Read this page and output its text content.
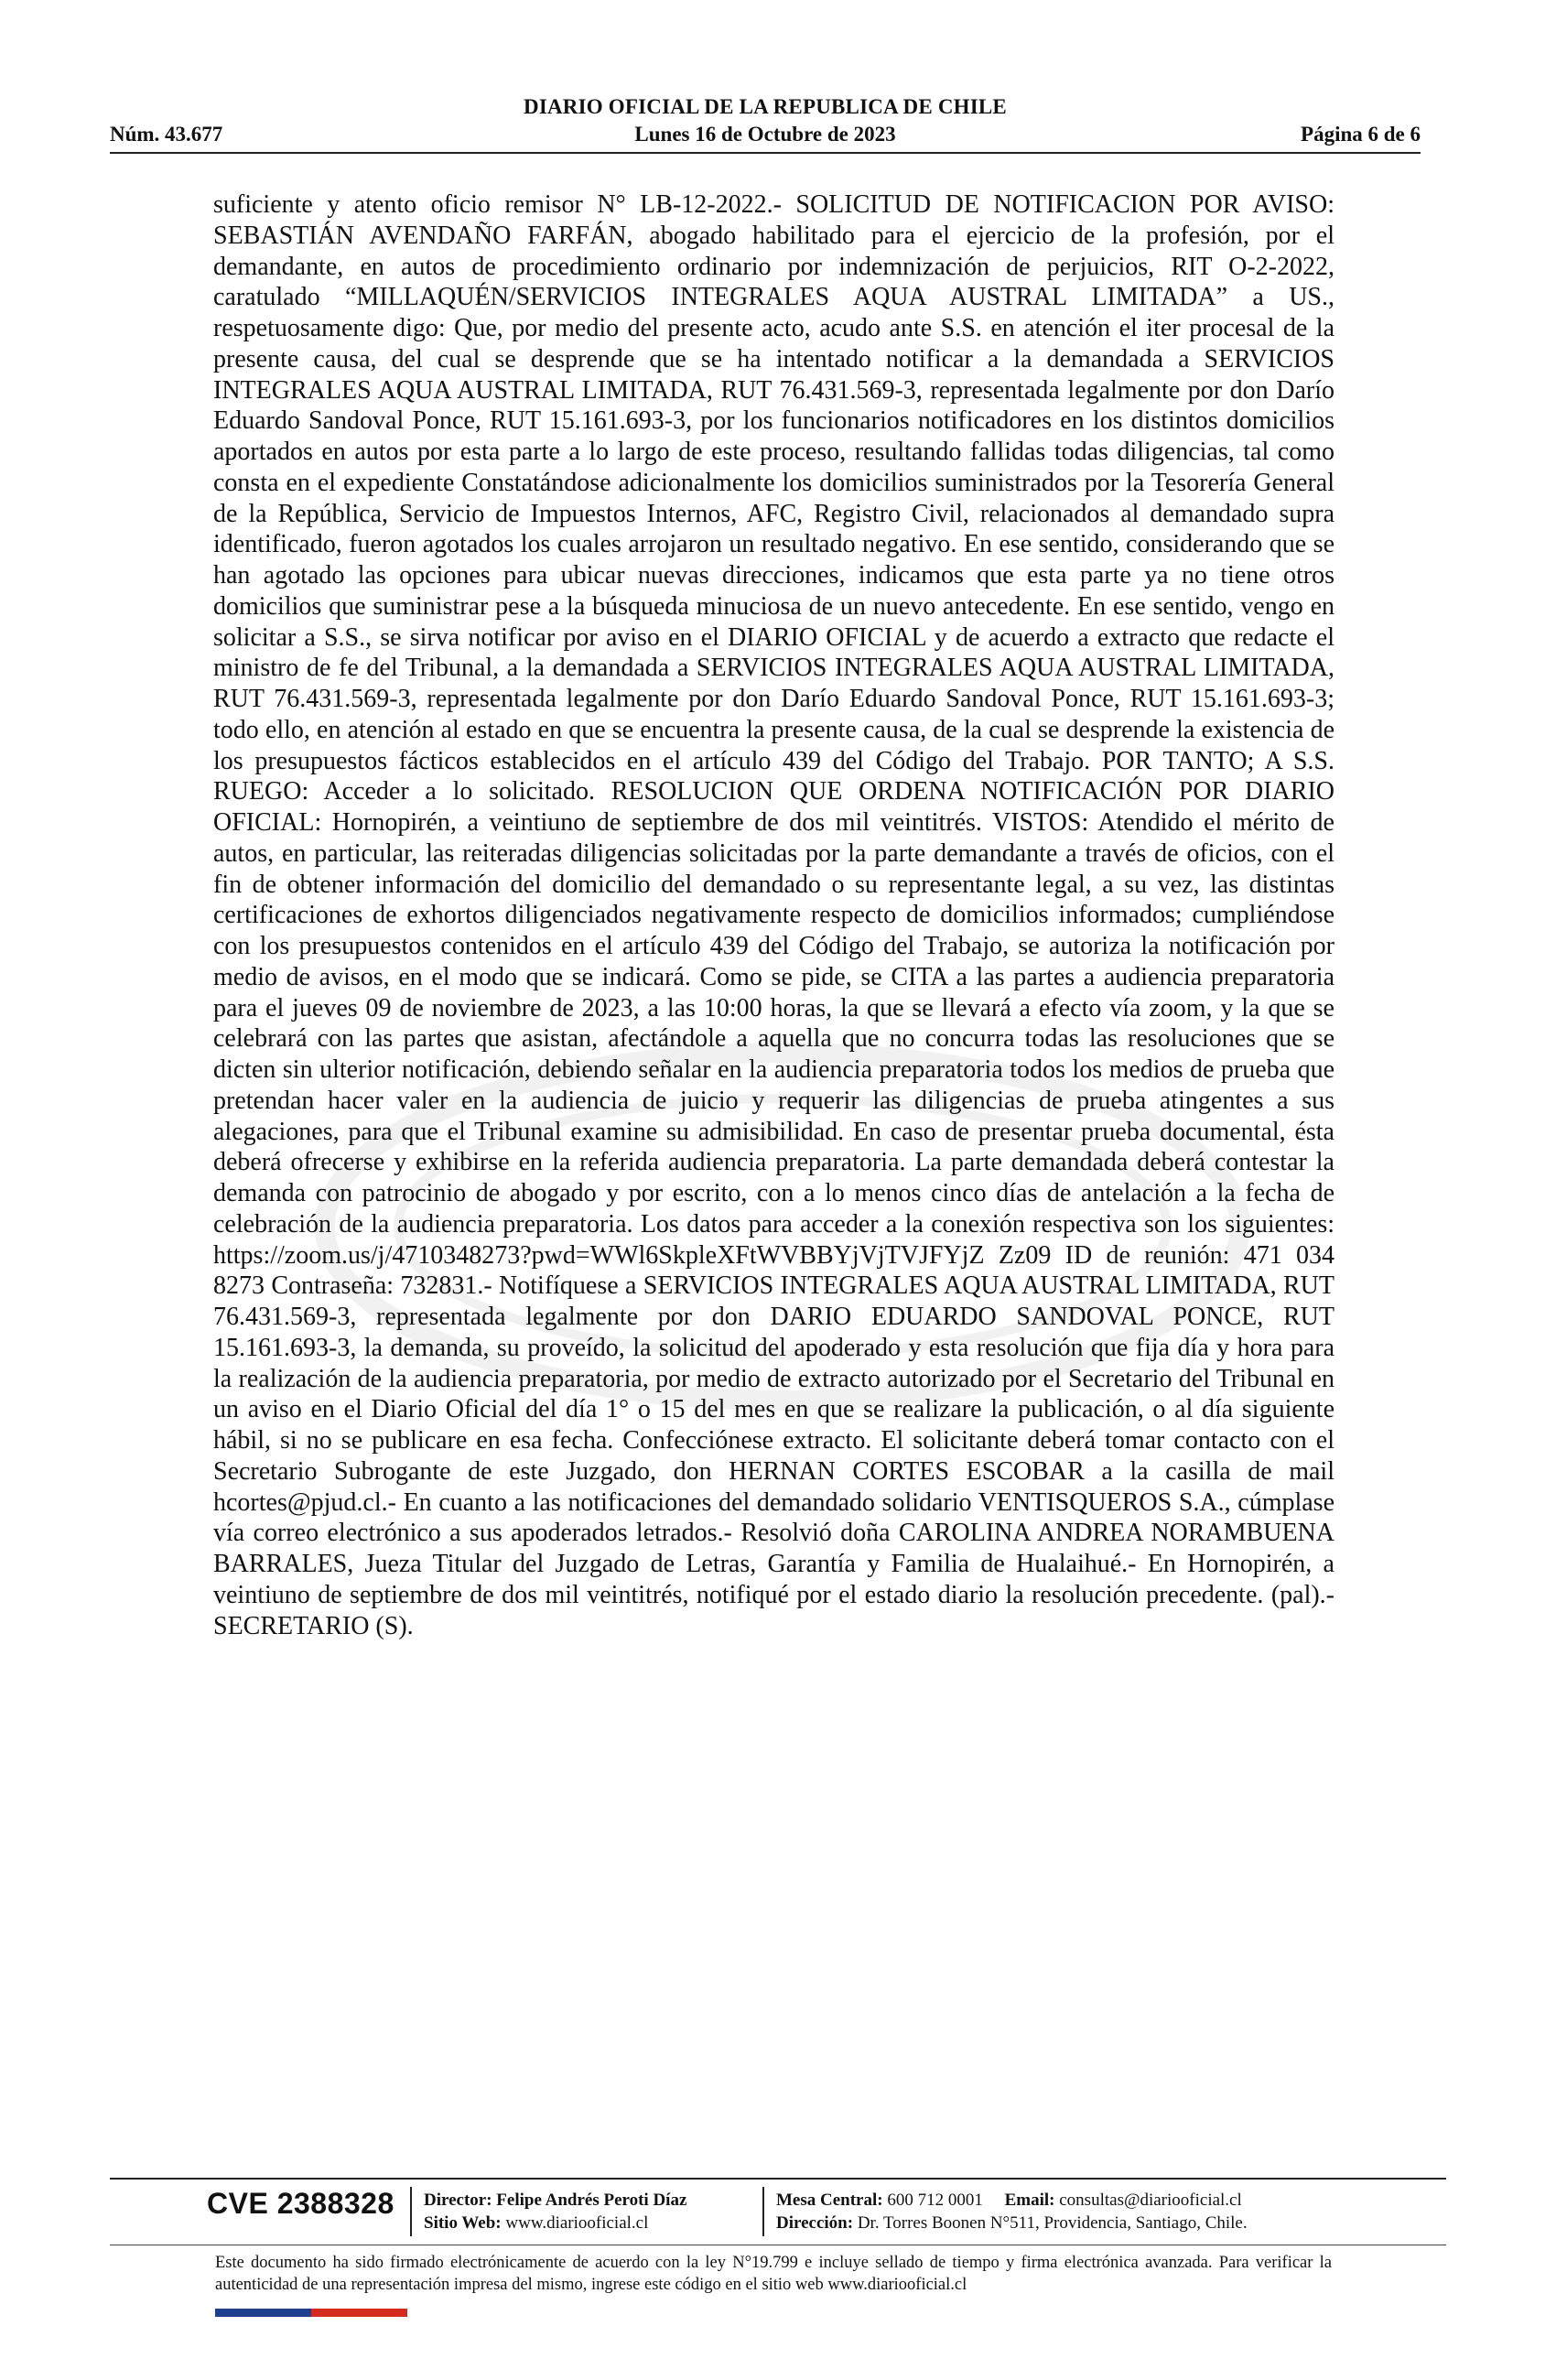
DIARIO OFICIAL DE LA REPUBLICA DE CHILE
Núm. 43.677	Lunes 16 de Octubre de 2023	Página 6 de 6
suficiente y atento oficio remisor N° LB-12-2022.- SOLICITUD DE NOTIFICACION POR AVISO: SEBASTIÁN AVENDAÑO FARFÁN, abogado habilitado para el ejercicio de la profesión, por el demandante, en autos de procedimiento ordinario por indemnización de perjuicios, RIT O-2-2022, caratulado “MILLAQUÉN/SERVICIOS INTEGRALES AQUA AUSTRAL LIMITADA” a US., respetuosamente digo: Que, por medio del presente acto, acudo ante S.S. en atención el iter procesal de la presente causa, del cual se desprende que se ha intentado notificar a la demandada a SERVICIOS INTEGRALES AQUA AUSTRAL LIMITADA, RUT 76.431.569-3, representada legalmente por don Darío Eduardo Sandoval Ponce, RUT 15.161.693-3, por los funcionarios notificadores en los distintos domicilios aportados en autos por esta parte a lo largo de este proceso, resultando fallidas todas diligencias, tal como consta en el expediente Constatándose adicionalmente los domicilios suministrados por la Tesorería General de la República, Servicio de Impuestos Internos, AFC, Registro Civil, relacionados al demandado supra identificado, fueron agotados los cuales arrojaron un resultado negativo. En ese sentido, considerando que se han agotado las opciones para ubicar nuevas direcciones, indicamos que esta parte ya no tiene otros domicilios que suministrar pese a la búsqueda minuciosa de un nuevo antecedente. En ese sentido, vengo en solicitar a S.S., se sirva notificar por aviso en el DIARIO OFICIAL y de acuerdo a extracto que redacte el ministro de fe del Tribunal, a la demandada a SERVICIOS INTEGRALES AQUA AUSTRAL LIMITADA, RUT 76.431.569-3, representada legalmente por don Darío Eduardo Sandoval Ponce, RUT 15.161.693-3; todo ello, en atención al estado en que se encuentra la presente causa, de la cual se desprende la existencia de los presupuestos fácticos establecidos en el artículo 439 del Código del Trabajo. POR TANTO; A S.S. RUEGO: Acceder a lo solicitado. RESOLUCION QUE ORDENA NOTIFICACIÓN POR DIARIO OFICIAL: Hornopirén, a veintiuno de septiembre de dos mil veintitrés. VISTOS: Atendido el mérito de autos, en particular, las reiteradas diligencias solicitadas por la parte demandante a través de oficios, con el fin de obtener información del domicilio del demandado o su representante legal, a su vez, las distintas certificaciones de exhortos diligenciados negativamente respecto de domicilios informados; cumpliéndose con los presupuestos contenidos en el artículo 439 del Código del Trabajo, se autoriza la notificación por medio de avisos, en el modo que se indicará. Como se pide, se CITA a las partes a audiencia preparatoria para el jueves 09 de noviembre de 2023, a las 10:00 horas, la que se llevará a efecto vía zoom, y la que se celebrará con las partes que asistan, afectándole a aquella que no concurra todas las resoluciones que se dicten sin ulterior notificación, debiendo señalar en la audiencia preparatoria todos los medios de prueba que pretendan hacer valer en la audiencia de juicio y requerir las diligencias de prueba atingentes a sus alegaciones, para que el Tribunal examine su admisibilidad. En caso de presentar prueba documental, ésta deberá ofrecerse y exhibirse en la referida audiencia preparatoria. La parte demandada deberá contestar la demanda con patrocinio de abogado y por escrito, con a lo menos cinco días de antelación a la fecha de celebración de la audiencia preparatoria. Los datos para acceder a la conexión respectiva son los siguientes: https://zoom.us/j/4710348273?pwd=WWl6SkpleXFtWVBBYjVjTVJFYjZ Zz09 ID de reunión: 471 034 8273 Contraseña: 732831.- Notifíquese a SERVICIOS INTEGRALES AQUA AUSTRAL LIMITADA, RUT 76.431.569-3, representada legalmente por don DARIO EDUARDO SANDOVAL PONCE, RUT 15.161.693-3, la demanda, su proveído, la solicitud del apoderado y esta resolución que fija día y hora para la realización de la audiencia preparatoria, por medio de extracto autorizado por el Secretario del Tribunal en un aviso en el Diario Oficial del día 1° o 15 del mes en que se realizare la publicación, o al día siguiente hábil, si no se publicare en esa fecha. Confecciónese extracto. El solicitante deberá tomar contacto con el Secretario Subrogante de este Juzgado, don HERNAN CORTES ESCOBAR a la casilla de mail hcortes@pjud.cl.- En cuanto a las notificaciones del demandado solidario VENTISQUEROS S.A., cúmplase vía correo electrónico a sus apoderados letrados.- Resolvió doña CAROLINA ANDREA NORAMBUENA BARRALES, Jueza Titular del Juzgado de Letras, Garantía y Familia de Hualaihué.- En Hornopirén, a veintiuno de septiembre de dos mil veintitrés, notifiqué por el estado diario la resolución precedente. (pal).- SECRETARIO (S).
CVE 2388328 Director: Felipe Andrés Peroti Díaz
Sitio Web: www.diariooficial.cl
Mesa Central: 600 712 0001 Email: consultas@diariooficial.cl
Dirección: Dr. Torres Boonen N°511, Providencia, Santiago, Chile.
Este documento ha sido firmado electrónicamente de acuerdo con la ley N°19.799 e incluye sellado de tiempo y firma electrónica avanzada. Para verificar la autenticidad de una representación impresa del mismo, ingrese este código en el sitio web www.diariooficial.cl
